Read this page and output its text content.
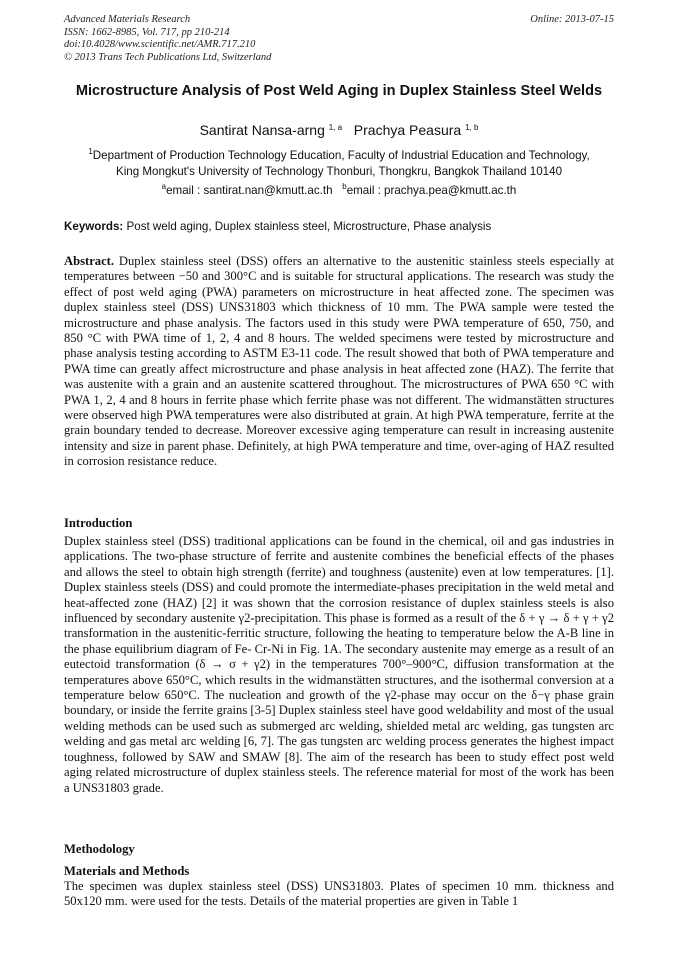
Advanced Materials Research
ISSN: 1662-8985, Vol. 717, pp 210-214
doi:10.4028/www.scientific.net/AMR.717.210
© 2013 Trans Tech Publications Ltd, Switzerland
Online: 2013-07-15
Microstructure Analysis of Post Weld Aging in Duplex Stainless Steel Welds
Santirat Nansa-arng $^{1, a}$ Prachya Peasura $^{1, b}$
$^1$Department of Production Technology Education, Faculty of Industrial Education and Technology,
King Mongkut's University of Technology Thonburi, Thongkru, Bangkok Thailand 10140
$^a$email : santirat.nan@kmutt.ac.th $^b$email : prachya.pea@kmutt.ac.th
Keywords: Post weld aging, Duplex stainless steel, Microstructure, Phase analysis
Abstract. Duplex stainless steel (DSS) offers an alternative to the austenitic stainless steels especially at temperatures between −50 and 300°C and is suitable for structural applications. The research was study the effect of post weld aging (PWA) parameters on microstructure in heat affected zone. The specimen was duplex stainless steel (DSS) UNS31803 which thickness of 10 mm. The PWA sample were tested the microstructure and phase analysis. The factors used in this study were PWA temperature of 650, 750, and 850 °C with PWA time of 1, 2, 4 and 8 hours. The welded specimens were tested by microstructure and phase analysis testing according to ASTM E3-11 code. The result showed that both of PWA temperature and PWA time can greatly affect microstructure and phase analysis in heat affected zone (HAZ). The ferrite that was austenite with a grain and an austenite scattered throughout. The microstructures of PWA 650 °C with PWA 1, 2, 4 and 8 hours in ferrite phase which ferrite phase was not different. The widmanstätten structures were observed high PWA temperatures were also distributed at grain. At high PWA temperature, ferrite at the grain boundary tended to decrease. Moreover excessive aging temperature can result in increasing austenite intensity and size in parent phase. Definitely, at high PWA temperature and time, over-aging of HAZ resulted in corrosion resistance reduce.
Introduction
Duplex stainless steel (DSS) traditional applications can be found in the chemical, oil and gas industries in applications. The two-phase structure of ferrite and austenite combines the beneficial effects of the phases and allows the steel to obtain high strength (ferrite) and toughness (austenite) even at low temperatures. [1]. Duplex stainless steels (DSS) and could promote the intermediate-phases precipitation in the weld metal and heat-affected zone (HAZ) [2] it was shown that the corrosion resistance of duplex stainless steels is also influenced by secondary austenite γ2-precipitation. This phase is formed as a result of the δ + γ → δ + γ + γ2 transformation in the austenitic-ferritic structure, following the heating to temperature below the A-B line in the phase equilibrium diagram of Fe- Cr-Ni in Fig. 1A. The secondary austenite may emerge as a result of an eutectoid transformation (δ → σ + γ2) in the temperatures 700°–900°C, diffusion transformation at the temperatures above 650°C, which results in the widmanstätten structures, and the isothermal conversion at a temperature below 650°C. The nucleation and growth of the γ2-phase may occur on the δ−γ phase grain boundary, or inside the ferrite grains [3-5] Duplex stainless steel have good weldability and most of the usual welding methods can be used such as submerged arc welding, shielded metal arc welding, gas tungsten arc welding and gas metal arc welding [6, 7]. The gas tungsten arc welding process generates the highest impact toughness, followed by SAW and SMAW [8]. The aim of the research has been to study effect post weld aging related microstructure of duplex stainless steels. The reference material for most of the work has been a UNS31803 grade.
Methodology
Materials and Methods
The specimen was duplex stainless steel (DSS) UNS31803. Plates of specimen 10 mm. thickness and 50x120 mm. were used for the tests. Details of the material properties are given in Table 1
